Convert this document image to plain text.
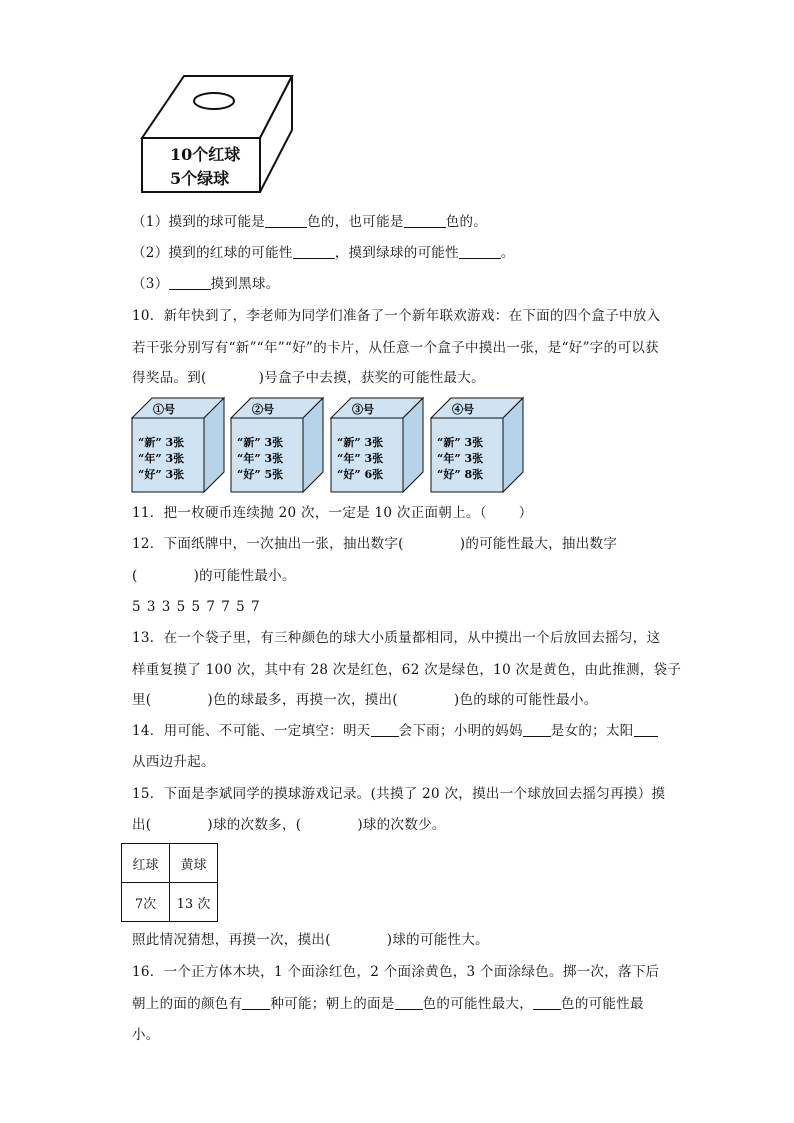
10个红球
5个绿球
（1）摸到的球可能是	色的，也可能是	色的。
（2）摸到的红球的可能性	，摸到绿球的可能性	。
（3）	摸到黑球。
10．新年快到了，李老师为同学们准备了一个新年联欢游戏：在下面的四个盒子中放入
若干张分别写有“新”“年”“好”的卡片，从任意一个盒子中摸出一张，是“好”字的可以获
得奖品。到(	)号盒子中去摸，获奖的可能性最大。
①号
“新” 3张
“年” 3张
“好” 3张
②号
“新” 3张
“年” 3张
“好” 5张
③号
“新” 3张
“年” 3张
“好” 6张
④号
“新” 3张
“年” 3张
“好” 8张
11．把一枚硬币连续抛 20 次，一定是 10 次正面朝上。（ ）
12．下面纸牌中，一次抽出一张，抽出数字(	)的可能性最大，抽出数字
(	)的可能性最小。
5 3 3 5 5 7 7 5 7
13．在一个袋子里，有三种颜色的球大小质量都相同，从中摸出一个后放回去摇匀，这
样重复摸了 100 次，其中有 28 次是红色，62 次是绿色，10 次是黄色，由此推测，袋子
里(	)色的球最多，再摸一次，摸出(	)色的球的可能性最小。
14．用可能、不可能、一定填空：明天 会下雨；小明的妈妈 是女的；太阳
从西边升起。
15．下面是李斌同学的摸球游戏记录。(共摸了 20 次，摸出一个球放回去摇匀再摸）摸
出(	)球的次数多，(	)球的次数少。
红球	黄球
7次	13 次
照此情况猜想，再摸一次，摸出(	)球的可能性大。
16．一个正方体木块，1 个面涂红色，2 个面涂黄色，3 个面涂绿色。掷一次，落下后
朝上的面的颜色有 种可能；朝上的面是 色的可能性最大， 色的可能性最
小。
